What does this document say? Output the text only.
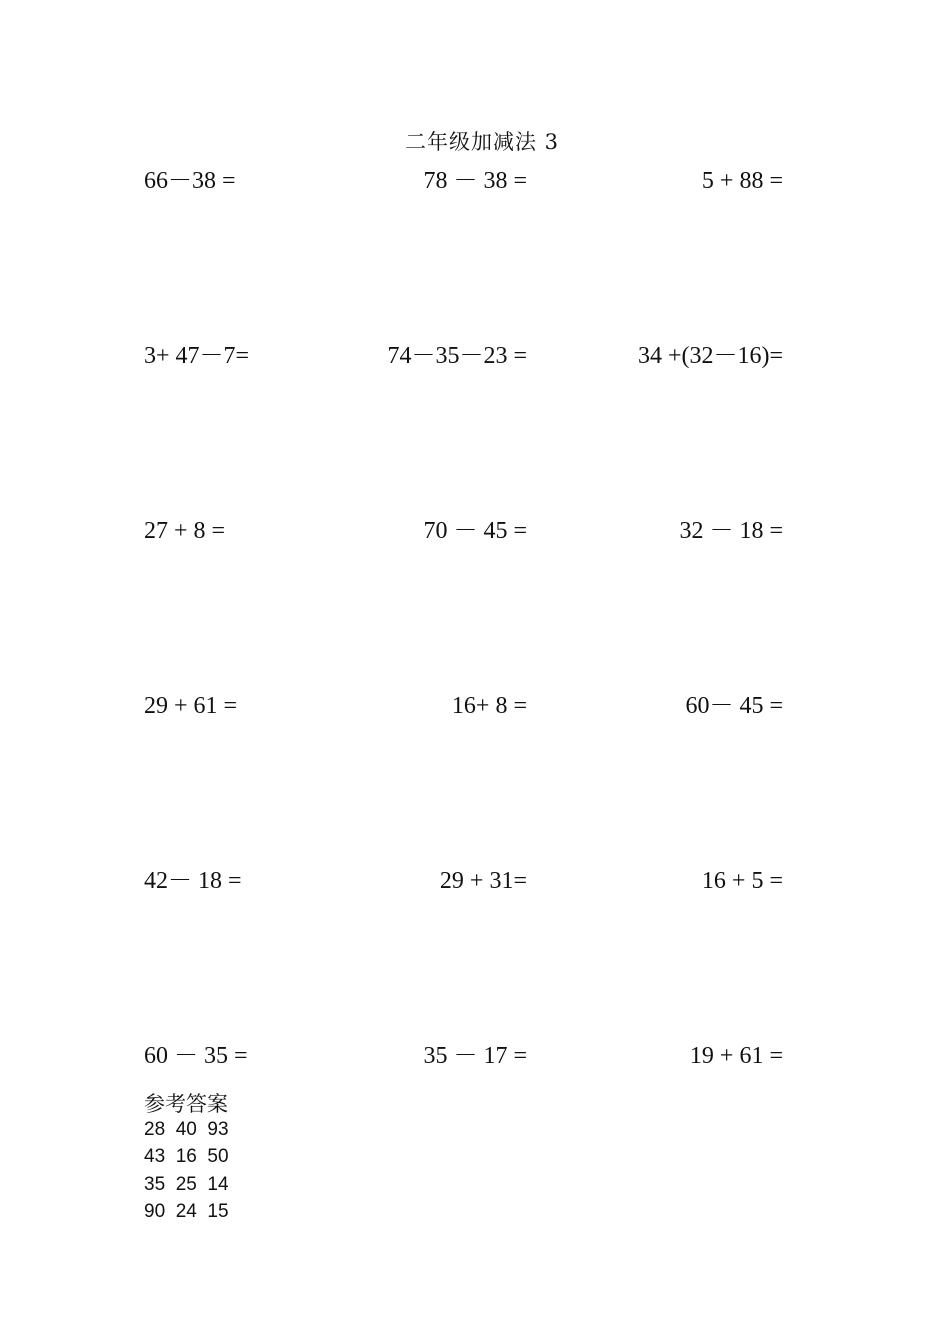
二年级加减法 3
66－38 =	78 － 38 =	5 + 88 =
3+ 47－7=	74－35－23 =	34 +(32－16)=
27 + 8 =	70 － 45 =	32 － 18 =
29 + 61 =	16+ 8 =	60－ 45 =
42－ 18 =	29 + 31=	16 + 5 =
60 － 35 =	35 － 17 =	19 + 61 =
参考答案
28  40  93
43  16  50
35  25  14
90  24  15
